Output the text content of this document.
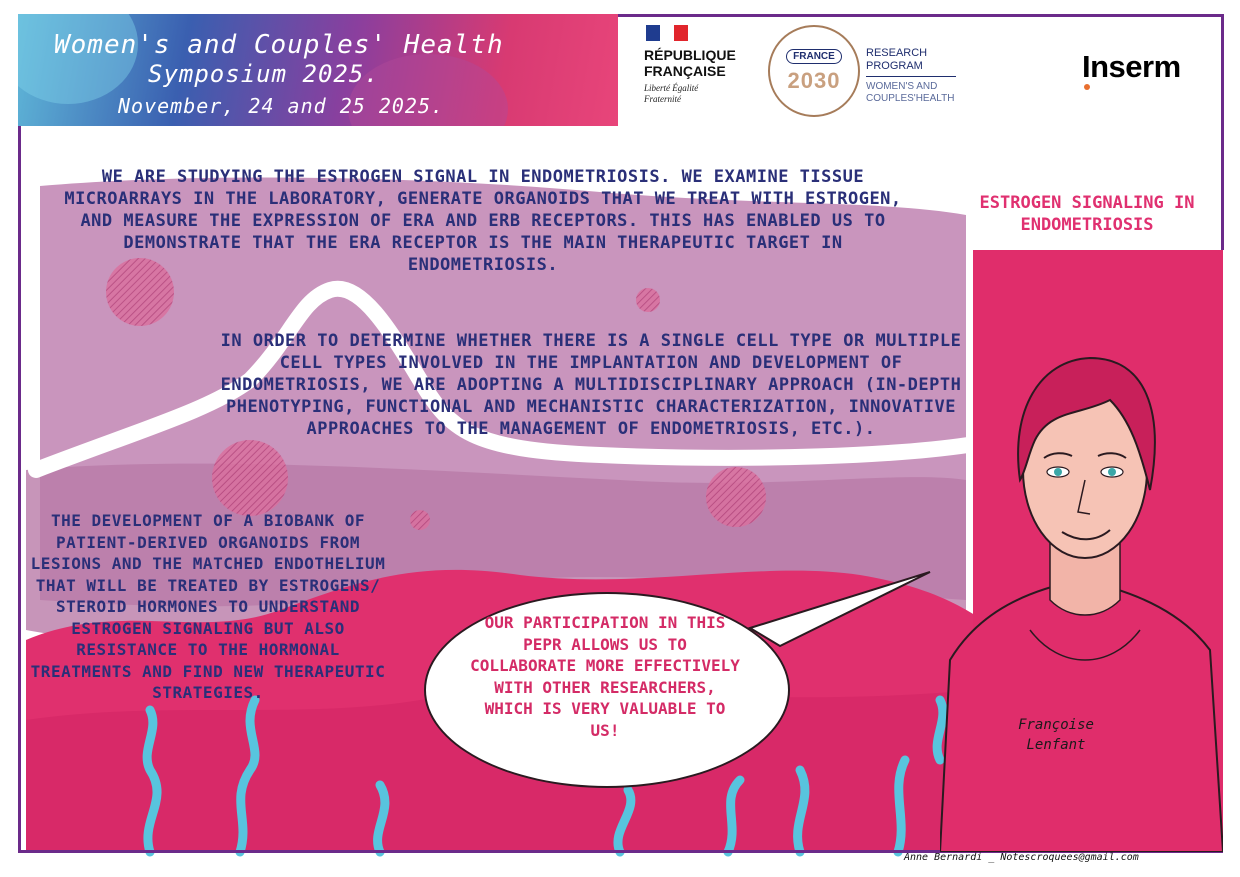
Women's and Couples' Health
Symposium 2025.
November, 24 and 25 2025.
RÉPUBLIQUE FRANÇAISE
Liberté Égalité Fraternité
FRANCE
2030
RESEARCH PROGRAM
WOMEN'S AND COUPLES'HEALTH
Inserm
ESTROGEN SIGNALING IN ENDOMETRIOSIS
Françoise Lenfant
WE ARE STUDYING THE ESTROGEN SIGNAL IN ENDOMETRIOSIS. WE EXAMINE TISSUE MICROARRAYS IN THE LABORATORY, GENERATE ORGANOIDS THAT WE TREAT WITH ESTROGEN, AND MEASURE THE EXPRESSION OF ERA AND ERB RECEPTORS. THIS HAS ENABLED US TO DEMONSTRATE THAT THE ERA RECEPTOR IS THE MAIN THERAPEUTIC TARGET IN ENDOMETRIOSIS.
IN ORDER TO DETERMINE WHETHER THERE IS A SINGLE CELL TYPE OR MULTIPLE CELL TYPES INVOLVED IN THE IMPLANTATION AND DEVELOPMENT OF ENDOMETRIOSIS, WE ARE ADOPTING A MULTIDISCIPLINARY APPROACH (IN-DEPTH PHENOTYPING, FUNCTIONAL AND MECHANISTIC CHARACTERIZATION, INNOVATIVE APPROACHES TO THE MANAGEMENT OF ENDOMETRIOSIS, ETC.).
THE DEVELOPMENT OF A BIOBANK OF PATIENT-DERIVED ORGANOIDS FROM LESIONS AND THE MATCHED ENDOTHELIUM THAT WILL BE TREATED BY ESTROGENS/ STEROID HORMONES TO UNDERSTAND ESTROGEN SIGNALING BUT ALSO RESISTANCE TO THE HORMONAL TREATMENTS AND FIND NEW THERAPEUTIC STRATEGIES.
OUR PARTICIPATION IN THIS PEPR ALLOWS US TO COLLABORATE MORE EFFECTIVELY WITH OTHER RESEARCHERS, WHICH IS VERY VALUABLE TO US!
Anne Bernardi _ Notescroquees@gmail.com
